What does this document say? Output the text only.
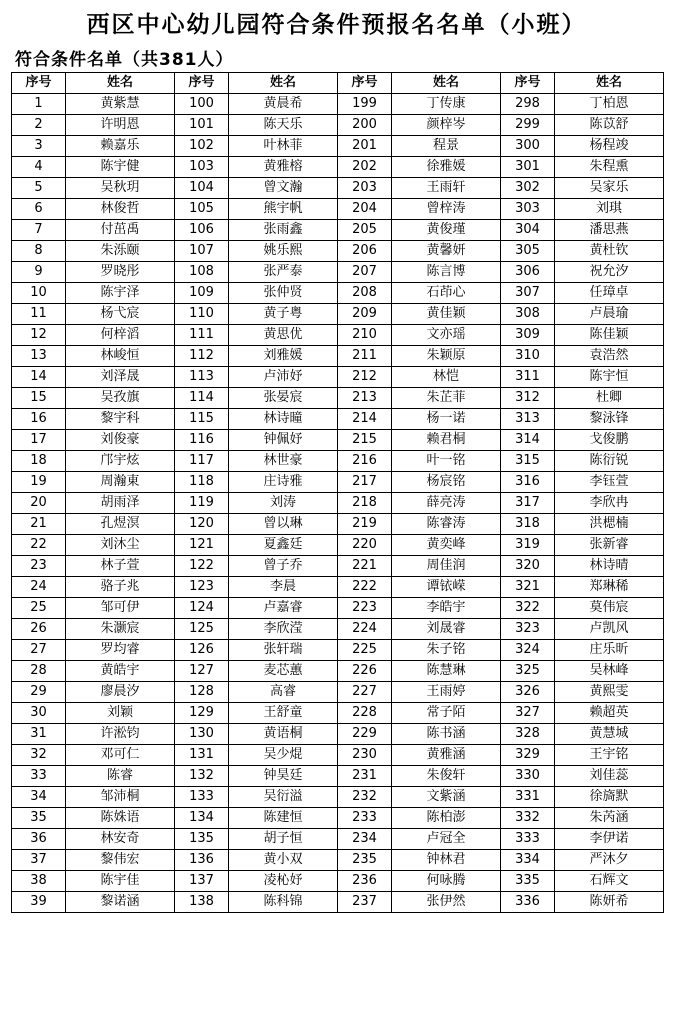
西区中心幼儿园符合条件预报名名单（小班）
符合条件名单（共381人）
序号	姓名	序号	姓名	序号	姓名	序号	姓名
1	黄紫慧	100	黄晨希	199	丁传康	298	丁柏恩
2	许明恩	101	陈天乐	200	颜梓岑	299	陈苡舒
3	赖嘉乐	102	叶林菲	201	程景	300	杨程竣
4	陈宇健	103	黄雅榕	202	徐雅媛	301	朱程熏
5	吴秋玥	104	曾文瀚	203	王雨轩	302	吴家乐
6	林俊哲	105	熊宇帆	204	曾梓涛	303	刘琪
7	付茁禹	106	张雨鑫	205	黄俊瑾	304	潘思燕
8	朱泺颐	107	姚乐熙	206	黄馨妍	305	黄杜钦
9	罗晓彤	108	张严泰	207	陈言博	306	祝允汐
10	陈宇泽	109	张仲贤	208	石茚心	307	任璋卓
11	杨弋宸	110	黄子粤	209	黄佳颖	308	卢晨瑜
12	何梓滔	111	黄思优	210	文亦瑶	309	陈佳颖
13	林峻恒	112	刘雅媛	211	朱颖原	310	袁浩然
14	刘泽晟	113	卢沛妤	212	林恺	311	陈宇恒
15	吴孜旗	114	张晏宸	213	朱芷菲	312	杜卿
16	黎宇科	115	林诗曈	214	杨一诺	313	黎泳锋
17	刘俊豪	116	钟佩妤	215	赖君桐	314	戈俊鹏
18	邝宇炫	117	林世豪	216	叶一铭	315	陈衍锐
19	周瀚東	118	庄诗雅	217	杨宸铭	316	李钰萱
20	胡雨泽	119	刘涛	218	薛亮涛	317	李欣冉
21	孔煜溟	120	曾以琳	219	陈睿涛	318	洪楒楠
22	刘沐尘	121	夏鑫廷	220	黄奕峰	319	张新睿
23	林子萱	122	曾子乔	221	周佳润	320	林诗晴
24	骆子兆	123	李晨	222	谭铱嵘	321	郑琳稀
25	邹可伊	124	卢嘉睿	223	李皓宇	322	莫伟宸
26	朱灏宸	125	李欣滢	224	刘晟睿	323	卢凯风
27	罗均睿	126	张轩瑞	225	朱子铭	324	庄乐昕
28	黄皓宇	127	麦芯蕙	226	陈慧琳	325	吴林峰
29	廖晨汐	128	高睿	227	王雨婷	326	黄熙雯
30	刘颖	129	王舒童	228	常子陌	327	赖超英
31	许淞钧	130	黄语桐	229	陈书涵	328	黄慧城
32	邓可仁	131	吴少焜	230	黄雅涵	329	王宇铭
33	陈睿	132	钟昊廷	231	朱俊轩	330	刘佳蕊
34	邹沛桐	133	吴衍溢	232	文紫涵	331	徐旖默
35	陈姝语	134	陈建恒	233	陈柏澎	332	朱芮涵
36	林安奇	135	胡子恒	234	卢冠全	333	李伊诺
37	黎伟宏	136	黄小双	235	钟林君	334	严沐夕
38	陈宇佳	137	凌杺妤	236	何咏腾	335	石辉文
39	黎诺涵	138	陈科锦	237	张伊然	336	陈妍希
